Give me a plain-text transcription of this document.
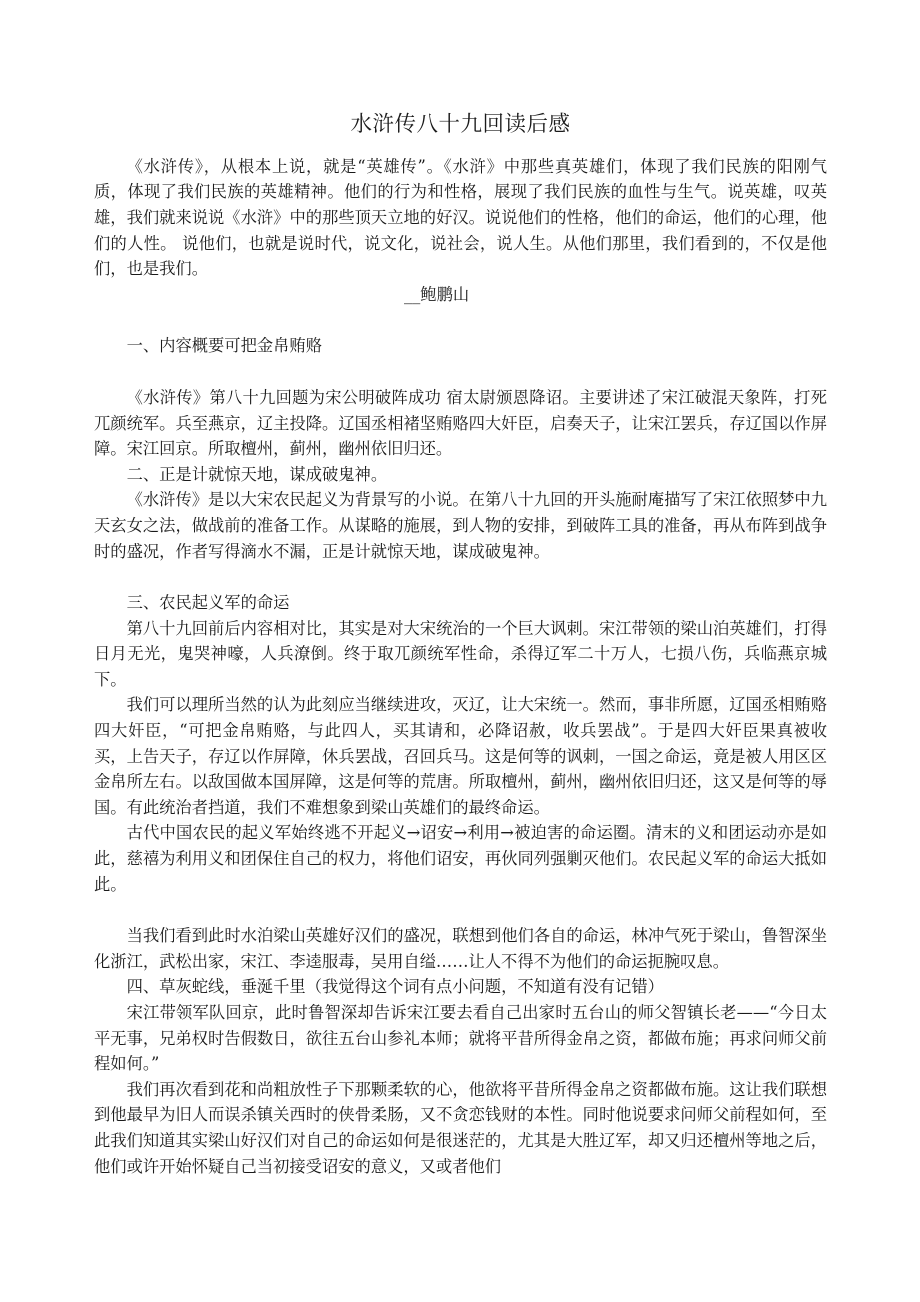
水浒传八十九回读后感

《水浒传》，从根本上说，就是“英雄传”。《水浒》中那些真英雄们，体现了我们民族的阳刚气质，体现了我们民族的英雄精神。他们的行为和性格，展现了我们民族的血性与生气。说英雄，叹英雄，我们就来说说《水浒》中的那些顶天立地的好汉。说说他们的性格，他们的命运，他们的心理，他们的人性。 说他们，也就是说时代，说文化，说社会，说人生。从他们那里，我们看到的，不仅是他们，也是我们。

__鲍鹏山

一、内容概要可把金帛贿赂

《水浒传》第八十九回题为宋公明破阵成功 宿太尉颁恩降诏。主要讲述了宋江破混天象阵，打死兀颜统军。兵至燕京，辽主投降。辽国丞相褚坚贿赂四大奸臣，启奏天子，让宋江罢兵，存辽国以作屏障。宋江回京。所取檀州，蓟州，幽州依旧归还。

二、正是计就惊天地，谋成破鬼神。

《水浒传》是以大宋农民起义为背景写的小说。在第八十九回的开头施耐庵描写了宋江依照梦中九天玄女之法，做战前的准备工作。从谋略的施展，到人物的安排，到破阵工具的准备，再从布阵到战争时的盛况，作者写得滴水不漏，正是计就惊天地，谋成破鬼神。

三、农民起义军的命运

第八十九回前后内容相对比，其实是对大宋统治的一个巨大讽刺。宋江带领的梁山泊英雄们，打得日月无光，鬼哭神嚎，人兵潦倒。终于取兀颜统军性命，杀得辽军二十万人，七损八伤，兵临燕京城下。

我们可以理所当然的认为此刻应当继续进攻，灭辽，让大宋统一。然而，事非所愿，辽国丞相贿赂四大奸臣，“可把金帛贿赂，与此四人，买其请和，必降诏赦，收兵罢战”。于是四大奸臣果真被收买，上告天子，存辽以作屏障，休兵罢战，召回兵马。这是何等的讽刺，一国之命运，竟是被人用区区金帛所左右。以敌国做本国屏障，这是何等的荒唐。所取檀州，蓟州，幽州依旧归还，这又是何等的辱国。有此统治者挡道，我们不难想象到梁山英雄们的最终命运。

古代中国农民的起义军始终逃不开起义→诏安→利用→被迫害的命运圈。清末的义和团运动亦是如此，慈禧为利用义和团保住自己的权力，将他们诏安，再伙同列强剿灭他们。农民起义军的命运大抵如此。

当我们看到此时水泊梁山英雄好汉们的盛况，联想到他们各自的命运，林冲气死于梁山，鲁智深坐化浙江，武松出家，宋江、李逵服毒，吴用自缢……让人不得不为他们的命运扼腕叹息。

四、草灰蛇线，垂涎千里（我觉得这个词有点小问题，不知道有没有记错）

宋江带领军队回京，此时鲁智深却告诉宋江要去看自己出家时五台山的师父智镇长老——“今日太平无事，兄弟权时告假数日，欲往五台山参礼本师；就将平昔所得金帛之资，都做布施；再求问师父前程如何。”

我们再次看到花和尚粗放性子下那颗柔软的心，他欲将平昔所得金帛之资都做布施。这让我们联想到他最早为旧人而误杀镇关西时的侠骨柔肠，又不贪恋钱财的本性。同时他说要求问师父前程如何，至此我们知道其实梁山好汉们对自己的命运如何是很迷茫的，尤其是大胜辽军，却又归还檀州等地之后，他们或许开始怀疑自己当初接受诏安的意义，又或者他们
